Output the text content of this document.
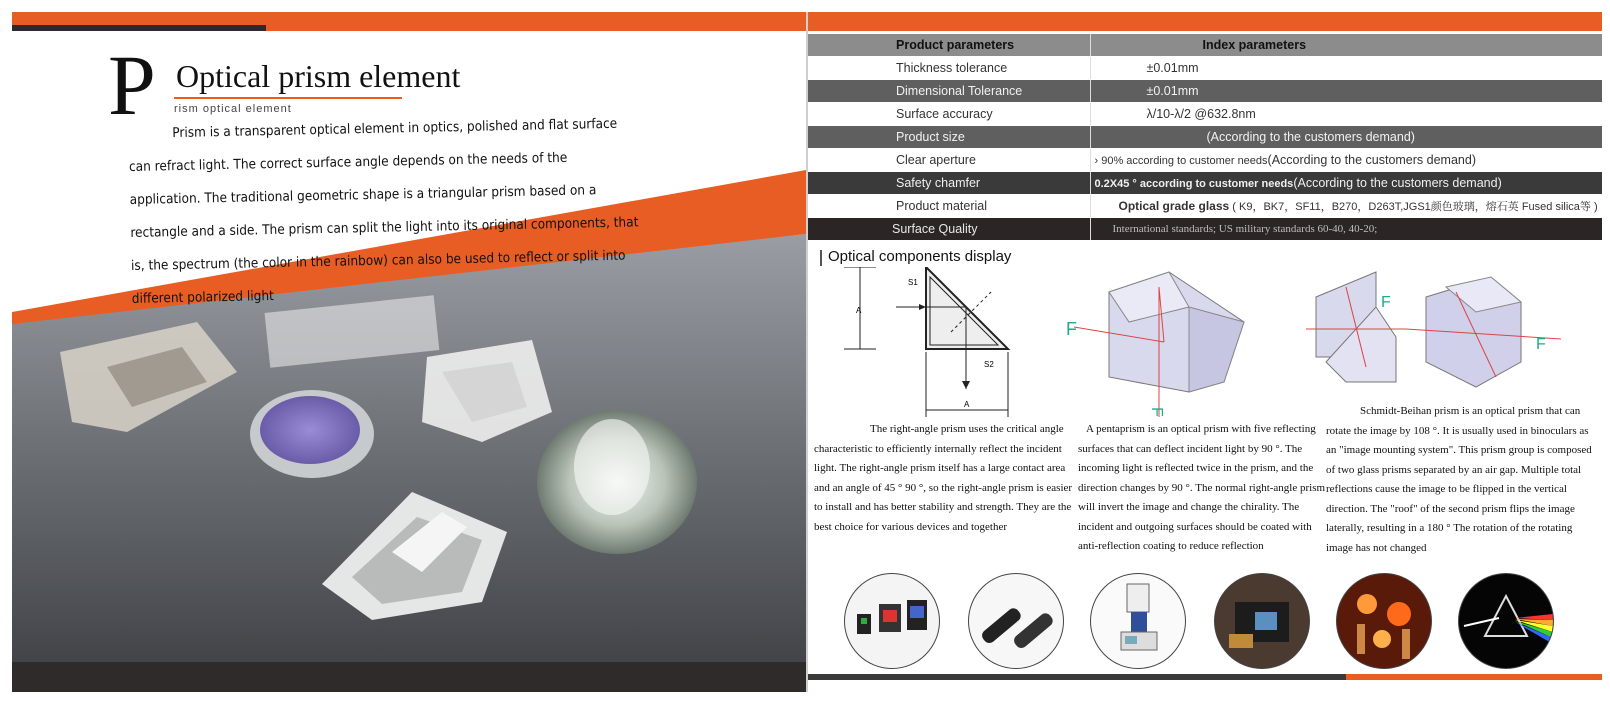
P Optical prism element
rism optical element
Prism is a transparent optical element in optics, polished and flat surface can refract light. The correct surface angle depends on the needs of the application. The traditional geometric shape is a triangular prism based on a rectangle and a side. The prism can split the light into its original components, that is, the spectrum (the color in the rainbow) can also be used to reflect or split into different polarized light
Product parameters	Index parameters
Thickness tolerance	±0.01mm
Dimensional Tolerance	±0.01mm
Surface accuracy	λ/10-λ/2 @632.8nm
Product size	(According to the customers demand)
Clear aperture	› 90% according to customer needs(According to the customers demand)
Safety chamfer	0.2X45 ° according to customer needs(According to the customers demand)
Product material	Optical grade glass ( K9，BK7，SF11，B270，D263T,JGS1颜色玻璃，熔石英 Fused silica等 )
Surface Quality	International standards; US military standards 60-40, 40-20;
Optical components display
S1
S2
A
A
F
F
F
F
The right-angle prism uses the critical angle characteristic to efficiently internally reflect the incident light. The right-angle prism itself has a large contact area and an angle of 45 ° 90 °, so the right-angle prism is easier to install and has better stability and strength. They are the best choice for various devices and together
A pentaprism is an optical prism with five reflecting surfaces that can deflect incident light by 90 °. The incoming light is reflected twice in the prism, and the direction changes by 90 °. The normal right-angle prism will invert the image and change the chirality. The incident and outgoing surfaces should be coated with anti-reflection coating to reduce reflection
Schmidt-Beihan prism is an optical prism that can rotate the image by 108 °. It is usually used in binoculars as an "image mounting system". This prism group is composed of two glass prisms separated by an air gap. Multiple total reflections cause the image to be flipped in the vertical direction. The "roof" of the second prism flips the image laterally, resulting in a 180 ° The rotation of the rotating image has not changed
